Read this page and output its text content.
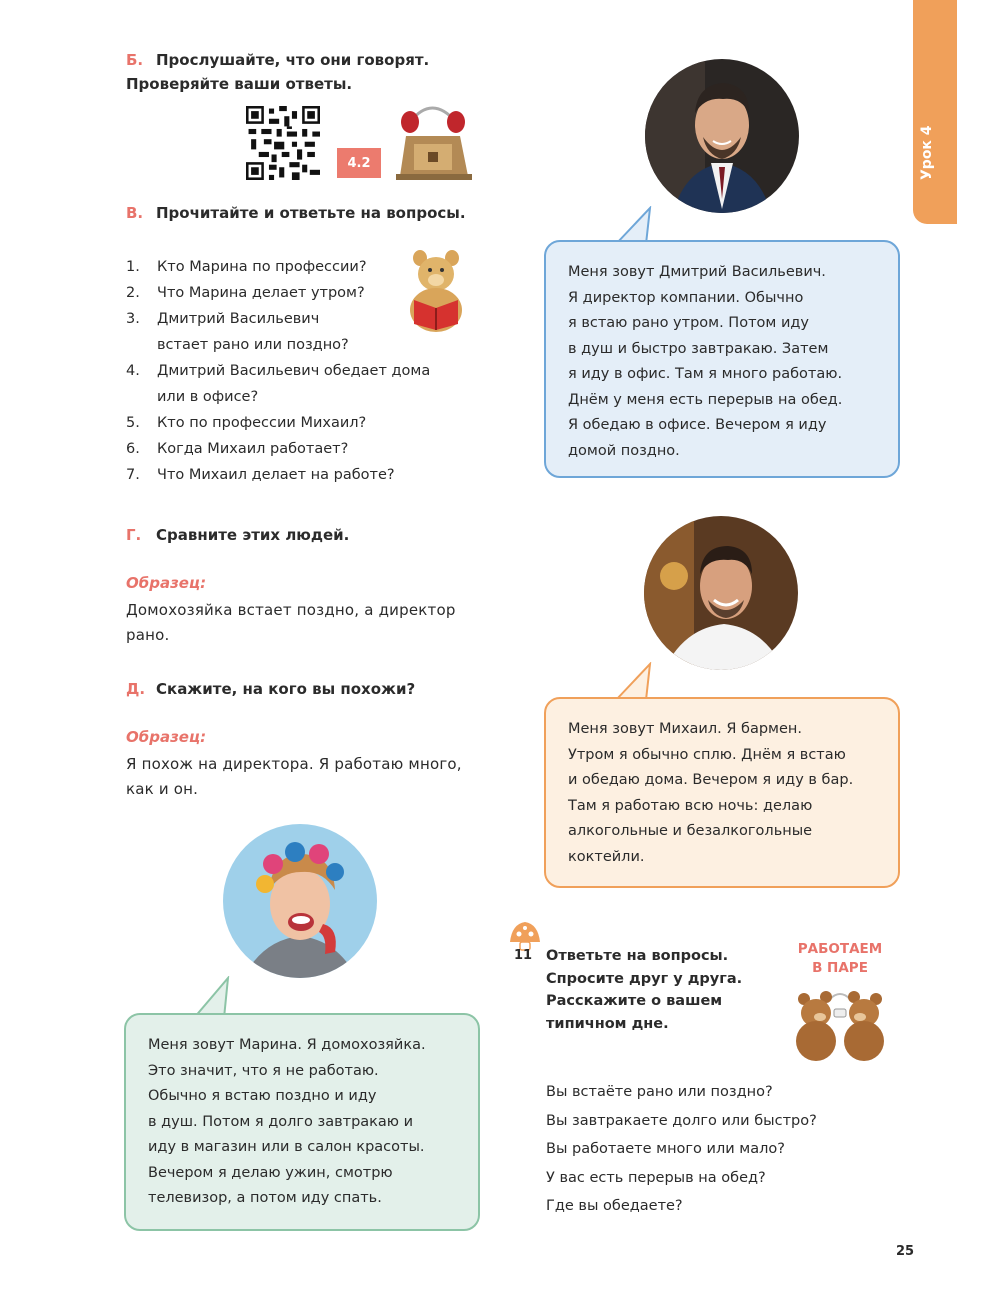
Урок 4
Б. Прослушайте, что они говорят.
Проверяйте ваши ответы.
4.2
В. Прочитайте и ответьте на вопросы.
1.	Кто Марина по профессии?
2.	Что Марина делает утром?
3.	Дмитрий Васильевич
встает рано или поздно?
4.	Дмитрий Васильевич обедает дома
или в офисе?
5.	Кто по профессии Михаил?
6.	Когда Михаил работает?
7.	Что Михаил делает на работе?
Г. Сравните этих людей.
Образец:
Домохозяйка встает поздно, а директор
рано.
Д. Скажите, на кого вы похожи?
Образец:
Я похож на директора. Я работаю много,
как и он.
Меня зовут Дмитрий Васильевич.
Я директор компании. Обычно
я встаю рано утром. Потом иду
в душ и быстро завтракаю. Затем
я иду в офис. Там я много работаю.
Днём у меня есть перерыв на обед.
Я обедаю в офисе. Вечером я иду
домой поздно.
Меня зовут Михаил. Я бармен.
Утром я обычно сплю. Днём я встаю
и обедаю дома. Вечером я иду в бар.
Там я работаю всю ночь: делаю
алкогольные и безалкогольные
коктейли.
Меня зовут Марина. Я домохозяйка.
Это значит, что я не работаю.
Обычно я встаю поздно и иду
в душ. Потом я долго завтракаю и
иду в магазин или в салон красоты.
Вечером я делаю ужин, смотрю
телевизор, а потом иду спать.
11 Ответьте на вопросы.
Спросите друг у друга.
Расскажите о вашем
типичном дне.
РАБОТАЕМ
В ПАРЕ
Вы встаёте рано или поздно?
Вы завтракаете долго или быстро?
Вы работаете много или мало?
У вас есть перерыв на обед?
Где вы обедаете?
25
